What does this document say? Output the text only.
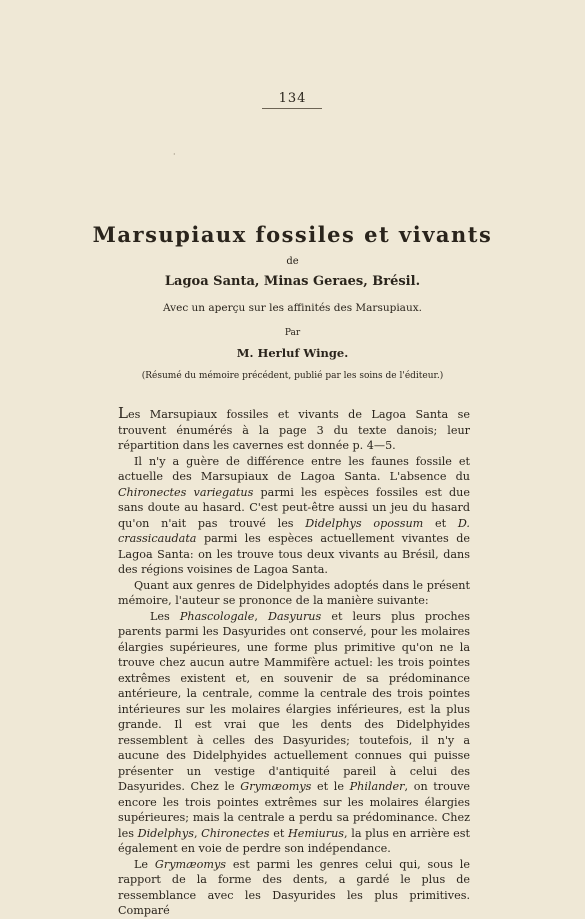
134
·
Marsupiaux fossiles et vivants
de
Lagoa Santa, Minas Geraes, Brésil.
Avec un aperçu sur les affinités des Marsupiaux.
Par
M. Herluf Winge.
(Résumé du mémoire précédent, publié par les soins de l'éditeur.)

Les Marsupiaux fossiles et vivants de Lagoa Santa se trouvent énumérés à la page 3 du texte danois; leur répartition dans les cavernes est donnée p. 4—5.

Il n'y a guère de différence entre les faunes fossile et actuelle des Marsupiaux de Lagoa Santa. L'absence du Chironectes variegatus parmi les espèces fossiles est due sans doute au hasard. C'est peut-être aussi un jeu du hasard qu'on n'ait pas trouvé les Didelphys opossum et D. crassicaudata parmi les espèces actuellement vivantes de Lagoa Santa: on les trouve tous deux vivants au Brésil, dans des régions voisines de Lagoa Santa.

Quant aux genres de Didelphyides adoptés dans le présent mémoire, l'auteur se prononce de la manière suivante:

Les Phascologale, Dasyurus et leurs plus proches parents parmi les Dasyurides ont conservé, pour les molaires élargies supérieures, une forme plus primitive qu'on ne la trouve chez aucun autre Mammifère actuel: les trois pointes extrêmes existent et, en souvenir de sa prédominance antérieure, la centrale, comme la centrale des trois pointes intérieures sur les molaires élargies inférieures, est la plus grande. Il est vrai que les dents des Didelphyides ressemblent à celles des Dasyurides; toutefois, il n'y a aucune des Didelphyides actuellement connues qui puisse présenter un vestige d'antiquité pareil à celui des Dasyurides. Chez le Grymæomys et le Philander, on trouve encore les trois pointes extrêmes sur les molaires élargies supérieures; mais la centrale a perdu sa prédominance. Chez les Didelphys, Chironectes et Hemiurus, la plus en arrière est également en voie de perdre son indépendance.

Le Grymæomys est parmi les genres celui qui, sous le rapport de la forme des dents, a gardé le plus de ressemblance avec les Dasyurides les plus primitives. Comparé
